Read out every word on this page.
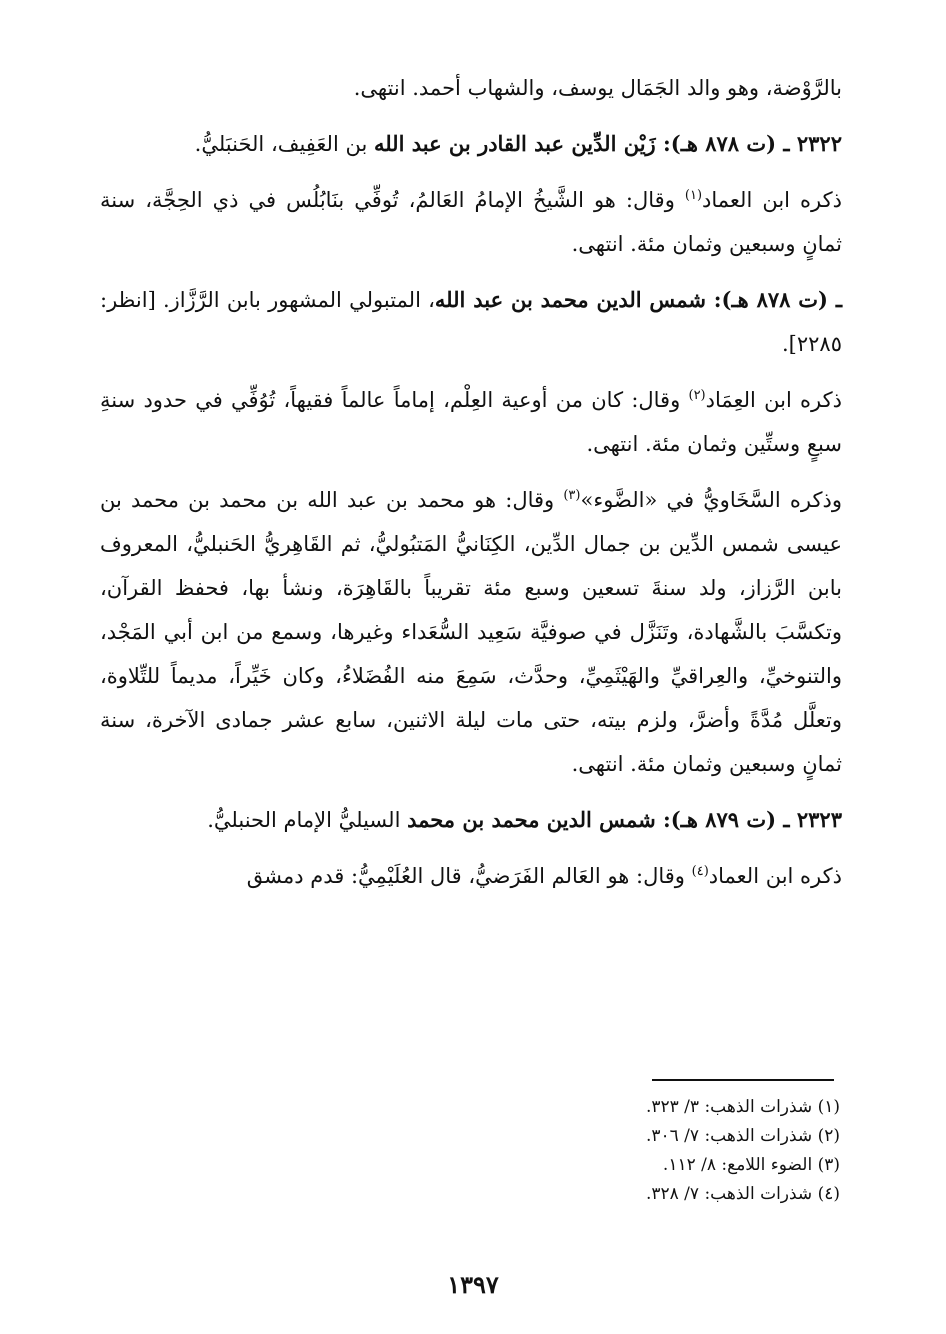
بالرَّوْضة، وهو والد الجَمَال يوسف، والشهاب أحمد. انتهى.

٢٣٢٢ ـ (ت ٨٧٨ هـ): زَيْن الدِّين عبد القادر بن عبد الله بن العَفِيف، الحَنبَليُّ.

ذكره ابن العماد$^{(١)}$ وقال: هو الشَّيخُ الإمامُ العَالمُ، تُوفِّي بنَابُلُس في ذي الحِجَّة، سنة ثمانٍ وسبعين وثمان مئة. انتهى.

ـ (ت ٨٧٨ هـ): شمس الدين محمد بن عبد الله، المتبولي المشهور بابن الرَّزَّاز. [انظر: ٢٢٨٥].

ذكره ابن العِمَاد$^{(٢)}$ وقال: كان من أوعية العِلْم، إماماً عالماً فقيهاً، تُوُفِّي في حدود سنةِ سبعٍ وستِّين وثمان مئة. انتهى.

وذكره السَّخَاويُّ في «الضَّوء»$^{(٣)}$ وقال: هو محمد بن عبد الله بن محمد بن محمد بن عيسى شمس الدِّين بن جمال الدِّين، الكِنَانيُّ المَتبُوليُّ، ثم القَاهِريُّ الحَنبليُّ، المعروف بابن الرَّزاز، ولد سنةَ تسعين وسبع مئة تقريباً بالقَاهِرَة، ونشأ بها، فحفظ القرآن، وتكسَّبَ بالشَّهادة، وتَنَزَّل في صوفيَّة سَعِيد السُّعَداء وغيرها، وسمع من ابن أبي المَجْد، والتنوخيِّ، والعِراقيِّ والهَيْثَمِيِّ، وحدَّث، سَمِعَ منه الفُضَلاءُ، وكان خَيِّراً، مديماً للتِّلاوة، وتعلَّل مُدَّةً وأضرَّ، ولزم بيته، حتى مات ليلة الاثنين، سابع عشر جمادى الآخرة، سنة ثمانٍ وسبعين وثمان مئة. انتهى.

٢٣٢٣ ـ (ت ٨٧٩ هـ): شمس الدين محمد بن محمد السيليُّ الإمام الحنبليُّ.

ذكره ابن العماد$^{(٤)}$ وقال: هو العَالم الفَرَضيُّ، قال العُلَيْمِيُّ: قدم دمشق

(١) شذرات الذهب: ٣/ ٣٢٣.
(٢) شذرات الذهب: ٧/ ٣٠٦.
(٣) الضوء اللامع: ٨/ ١١٢.
(٤) شذرات الذهب: ٧/ ٣٢٨.
١٣٩٧
